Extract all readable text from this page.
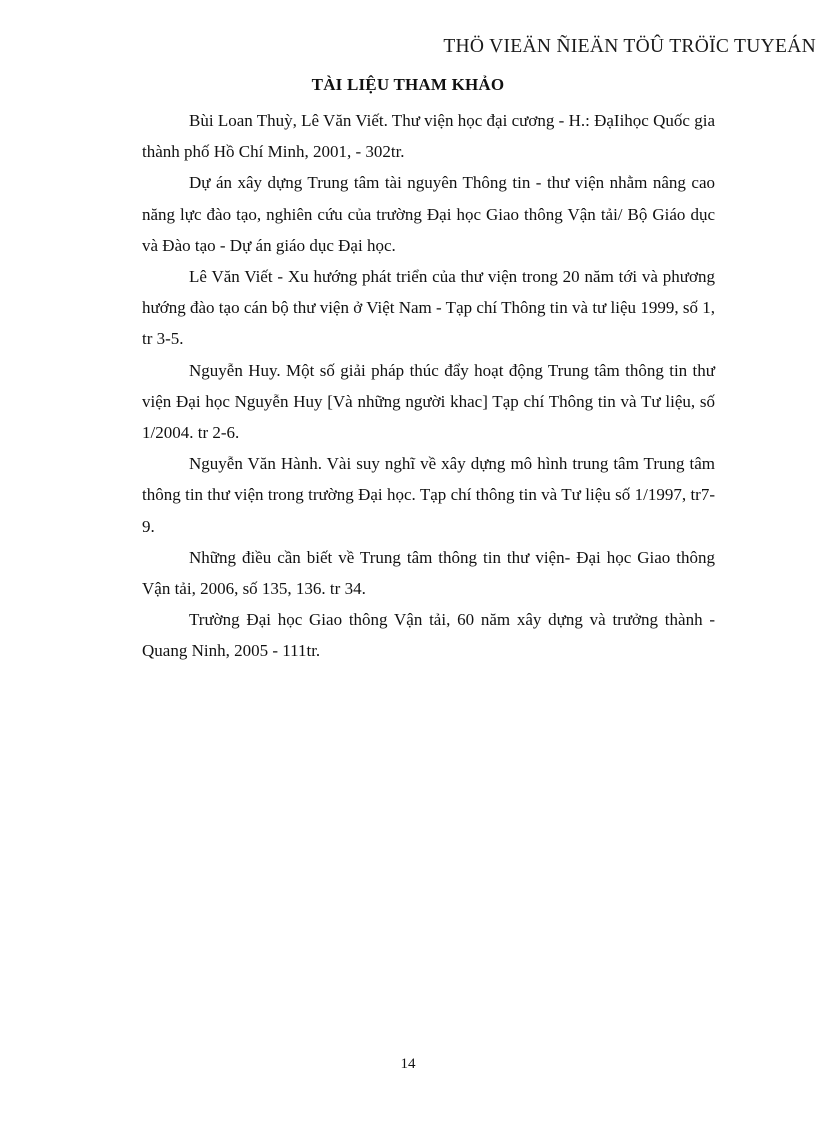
THÖ VIEÄN ÑIEÄN TÖÛ TRÖÏC TUYEÁN
TÀI LIỆU THAM KHẢO

Bùi Loan Thuỳ, Lê Văn Viết. Thư viện học đại cương - H.: ĐạIihọc Quốc gia thành phố Hồ Chí Minh, 2001, - 302tr.

Dự án xây dựng Trung tâm tài nguyên Thông tin - thư viện nhằm nâng cao năng lực đào tạo, nghiên cứu của trường Đại học Giao thông Vận tải/ Bộ Giáo dục và Đào tạo - Dự án giáo dục Đại học.

Lê Văn Viết - Xu hướng phát triển của thư viện trong 20 năm tới và phương hướng đào tạo cán bộ thư viện ở Việt Nam - Tạp chí Thông tin và tư liệu 1999, số 1, tr 3-5.

Nguyễn Huy. Một số giải pháp thúc đẩy hoạt động Trung tâm thông tin thư viện Đại học Nguyễn Huy [Và những người khac] Tạp chí Thông tin và Tư liệu, số 1/2004. tr 2-6.

Nguyễn Văn Hành. Vài suy nghĩ về xây dựng mô hình trung tâm Trung tâm thông tin thư viện trong trường Đại học. Tạp chí thông tin và Tư liệu số 1/1997, tr7-9.

Những điều cần biết về Trung tâm thông tin thư viện- Đại học Giao thông Vận tải, 2006, số 135, 136. tr 34.

Trường Đại học Giao thông Vận tải, 60 năm xây dựng và trưởng thành - Quang Ninh, 2005 - 111tr.

14
